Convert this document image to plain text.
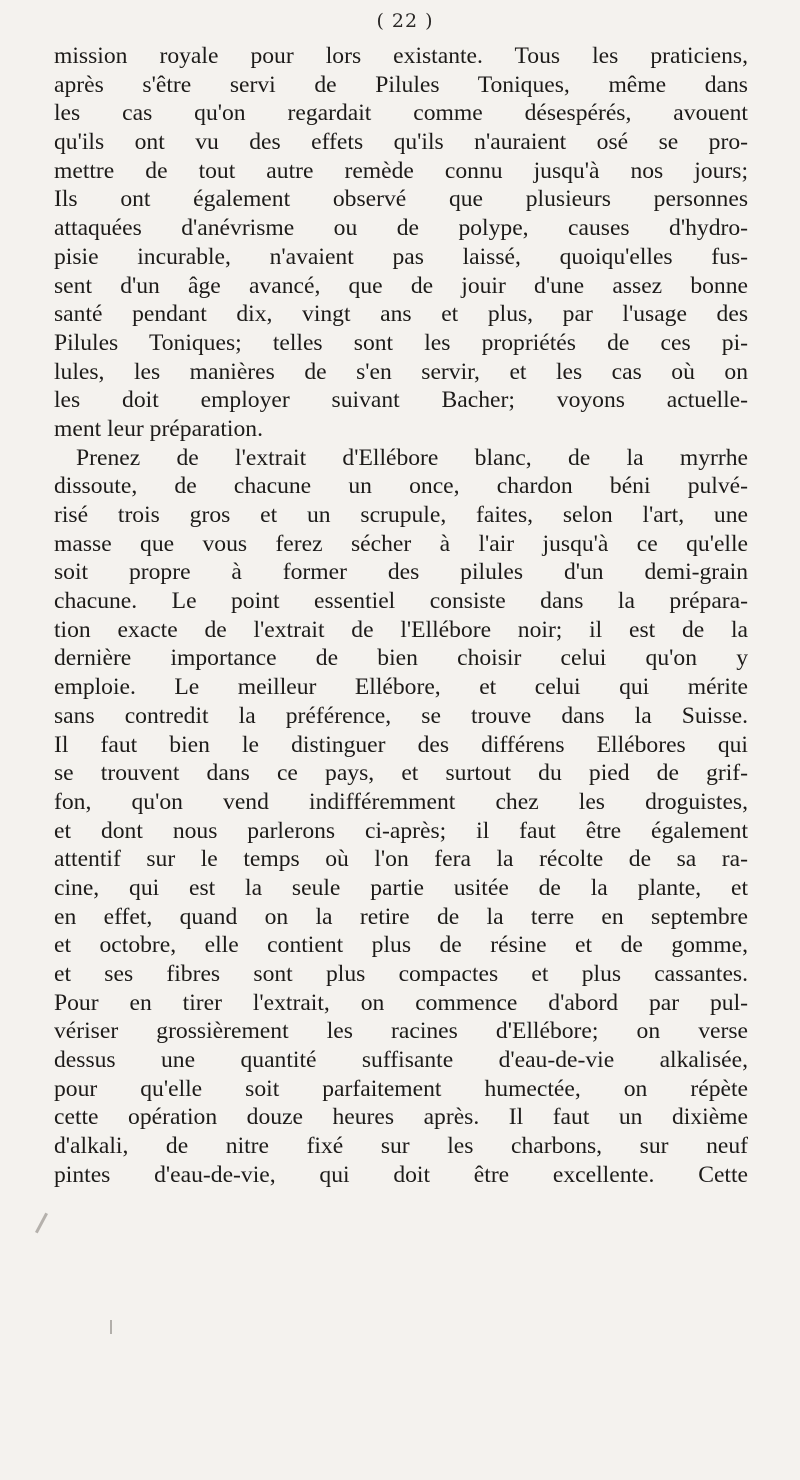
( 22 )
mission royale pour lors existante. Tous les praticiens,
après s'être servi de Pilules Toniques, même dans
les cas qu'on regardait comme désespérés, avouent
qu'ils ont vu des effets qu'ils n'auraient osé se pro-
mettre de tout autre remède connu jusqu'à nos jours;
Ils ont également observé que plusieurs personnes
attaquées d'anévrisme ou de polype, causes d'hydro-
pisie incurable, n'avaient pas laissé, quoiqu'elles fus-
sent d'un âge avancé, que de jouir d'une assez bonne
santé pendant dix, vingt ans et plus, par l'usage des
Pilules Toniques; telles sont les propriétés de ces pi-
lules, les manières de s'en servir, et les cas où on
les doit employer suivant Bacher; voyons actuelle-
ment leur préparation.
Prenez de l'extrait d'Ellébore blanc, de la myrrhe
dissoute, de chacune un once, chardon béni pulvé-
risé trois gros et un scrupule, faites, selon l'art, une
masse que vous ferez sécher à l'air jusqu'à ce qu'elle
soit propre à former des pilules d'un demi-grain
chacune. Le point essentiel consiste dans la prépara-
tion exacte de l'extrait de l'Ellébore noir; il est de la
dernière importance de bien choisir celui qu'on y
emploie. Le meilleur Ellébore, et celui qui mérite
sans contredit la préférence, se trouve dans la Suisse.
Il faut bien le distinguer des différens Ellébores qui
se trouvent dans ce pays, et surtout du pied de grif-
fon, qu'on vend indifféremment chez les droguistes,
et dont nous parlerons ci-après; il faut être également
attentif sur le temps où l'on fera la récolte de sa ra-
cine, qui est la seule partie usitée de la plante, et
en effet, quand on la retire de la terre en septembre
et octobre, elle contient plus de résine et de gomme,
et ses fibres sont plus compactes et plus cassantes.
Pour en tirer l'extrait, on commence d'abord par pul-
vériser grossièrement les racines d'Ellébore; on verse
dessus une quantité suffisante d'eau-de-vie alkalisée,
pour qu'elle soit parfaitement humectée, on répète
cette opération douze heures après. Il faut un dixième
d'alkali, de nitre fixé sur les charbons, sur neuf
pintes d'eau-de-vie, qui doit être excellente. Cette
